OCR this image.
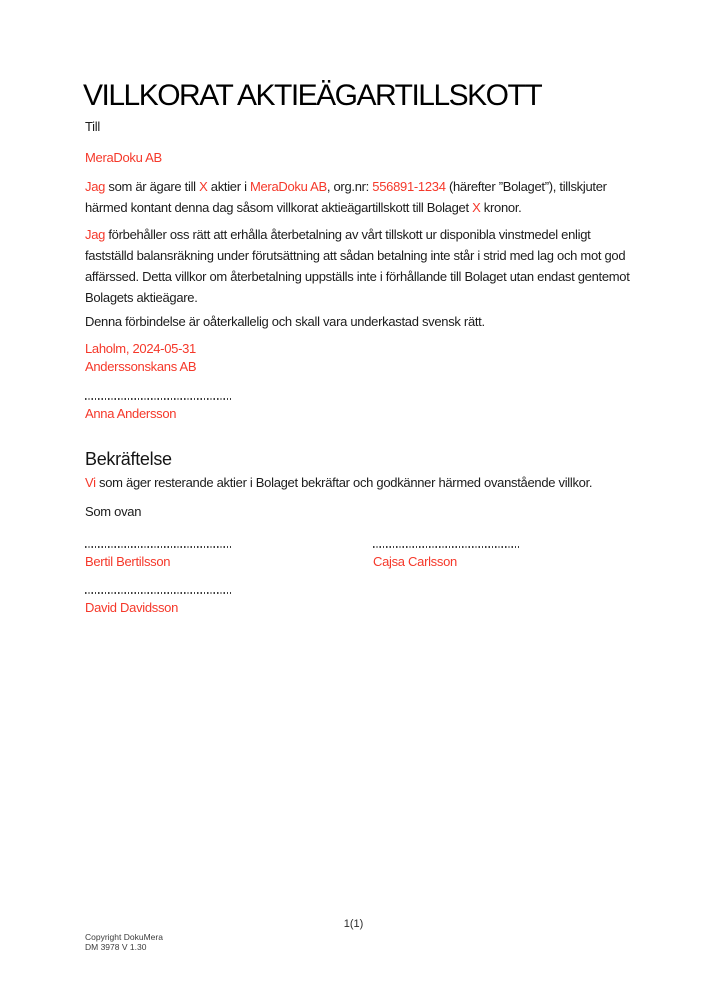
VILLKORAT AKTIEÄGARTILLSKOTT
Till
MeraDoku AB

Jag som är ägare till X aktier i MeraDoku AB, org.nr: 556891-1234 (härefter ”Bolaget”), tillskjuter härmed kontant denna dag såsom villkorat aktieägartillskott till Bolaget X kronor.

Jag förbehåller oss rätt att erhålla återbetalning av vårt tillskott ur disponibla vinstmedel enligt fastställd balansräkning under förutsättning att sådan betalning inte står i strid med lag och mot god affärssed. Detta villkor om återbetalning uppställs inte i förhållande till Bolaget utan endast gentemot Bolagets aktieägare.

Denna förbindelse är oåterkallelig och skall vara underkastad svensk rätt.

Laholm, 2024-05-31
Anderssonskans AB
Anna Andersson
Bekräftelse

Vi som äger resterande aktier i Bolaget bekräftar och godkänner härmed ovanstående villkor.

Som ovan
Bertil Bertilsson	Cajsa Carlsson
David Davidsson
1(1)
Copyright DokuMera
DM 3978 V 1.30
